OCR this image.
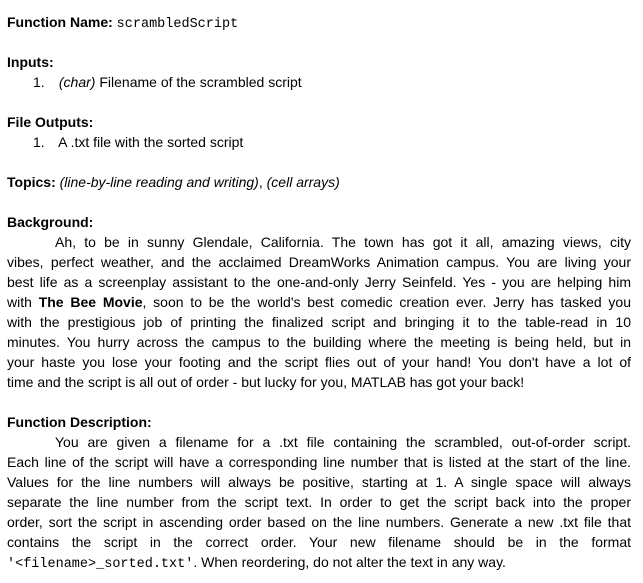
Function Name: scrambledScript
Inputs:
1. (char) Filename of the scrambled script
File Outputs:
1. A .txt file with the sorted script
Topics: (line-by-line reading and writing), (cell arrays)
Background:
Ah, to be in sunny Glendale, California. The town has got it all, amazing views, city
vibes, perfect weather, and the acclaimed DreamWorks Animation campus. You are living your
best life as a screenplay assistant to the one-and-only Jerry Seinfeld. Yes - you are helping him
with The Bee Movie, soon to be the world's best comedic creation ever. Jerry has tasked you
with the prestigious job of printing the finalized script and bringing it to the table-read in 10
minutes. You hurry across the campus to the building where the meeting is being held, but in
your haste you lose your footing and the script flies out of your hand! You don't have a lot of
time and the script is all out of order - but lucky for you, MATLAB has got your back!
Function Description:
You are given a filename for a .txt file containing the scrambled, out-of-order script.
Each line of the script will have a corresponding line number that is listed at the start of the line.
Values for the line numbers will always be positive, starting at 1. A single space will always
separate the line number from the script text. In order to get the script back into the proper
order, sort the script in ascending order based on the line numbers. Generate a new .txt file that
contains the script in the correct order. Your new filename should be in the format
'<filename>_sorted.txt'. When reordering, do not alter the text in any way.
